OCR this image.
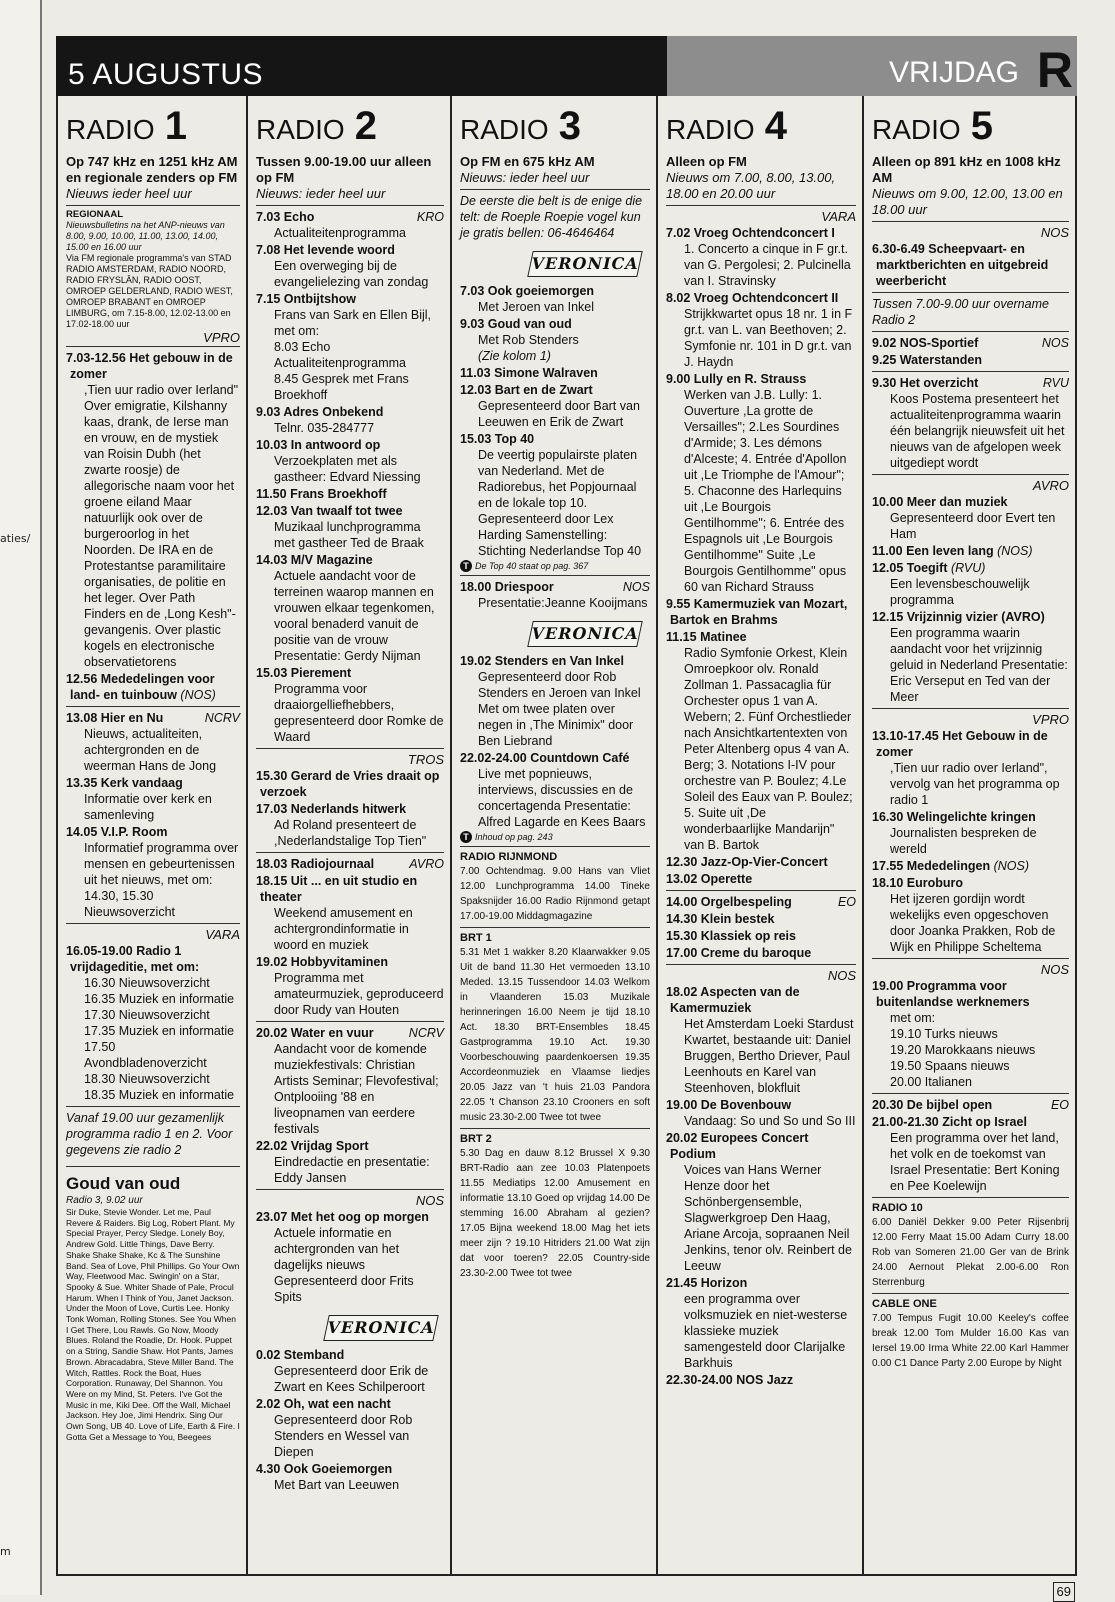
aties/
m
5 AUGUSTUS	VRIJDAG R
RADIO 1
Op 747 kHz en 1251 kHz AM en regionale zenders op FM
Nieuws ieder heel uur
REGIONAAL
Nieuwsbulletins na het ANP-nieuws van 8.00, 9.00, 10.00, 11.00, 13.00, 14.00, 15.00 en 16.00 uur
Via FM regionale programma's van STAD RADIO AMSTERDAM, RADIO NOORD, RADIO FRYSLÂN, RADIO OOST, OMROEP GELDERLAND, RADIO WEST, OMROEP BRABANT en OMROEP LIMBURG, om 7.15-8.00, 12.02-13.00 en 17.02-18.00 uur
VPRO
7.03-12.56 Het gebouw in de zomer
,Tien uur radio over Ierland" Over emigratie, Kilshanny kaas, drank, de Ierse man en vrouw, en de mystiek van Roisin Dubh (het zwarte roosje) de allegorische naam voor het groene eiland Maar natuurlijk ook over de burgeroorlog in het Noorden. De IRA en de Protestantse paramilitaire organisaties, de politie en het leger. Over Path Finders en de ,Long Kesh"-gevangenis. Over plastic kogels en electronische observatietorens
12.56 Mededelingen voor land- en tuinbouw (NOS)
NCRV
13.08 Hier en Nu
Nieuws, actualiteiten, achtergronden en de weerman Hans de Jong
13.35 Kerk vandaag
Informatie over kerk en samenleving
14.05 V.I.P. Room
Informatief programma over mensen en gebeurtenissen uit het nieuws, met om:
14.30, 15.30 Nieuwsoverzicht
VARA
16.05-19.00 Radio 1 vrijdageditie, met om:
16.30 Nieuwsoverzicht
16.35 Muziek en informatie
17.30 Nieuwsoverzicht
17.35 Muziek en informatie
17.50 Avondbladenoverzicht
18.30 Nieuwsoverzicht
18.35 Muziek en informatie
Vanaf 19.00 uur gezamenlijk programma radio 1 en 2. Voor gegevens zie radio 2
Goud van oud
Radio 3, 9.02 uur
Sir Duke, Stevie Wonder. Let me, Paul Revere & Raiders. Big Log, Robert Plant. My Special Prayer, Percy Sledge. Lonely Boy, Andrew Gold. Little Things, Dave Berry. Shake Shake Shake, Kc & The Sunshine Band. Sea of Love, Phil Phillips. Go Your Own Way, Fleetwood Mac. Swingin' on a Star, Spooky & Sue. Whiter Shade of Pale, Procul Harum. When I Think of You, Janet Jackson. Under the Moon of Love, Curtis Lee. Honky Tonk Woman, Rolling Stones. See You When I Get There, Lou Rawls. Go Now, Moody Blues. Roland the Roadie, Dr. Hook. Puppet on a String, Sandie Shaw. Hot Pants, James Brown. Abracadabra, Steve Miller Band. The Witch, Rattles. Rock the Boat, Hues Corporation. Runaway, Del Shannon. You Were on my Mind, St. Peters. I've Got the Music in me, Kiki Dee. Off the Wall, Michael Jackson. Hey Joe, Jimi Hendrix. Sing Our Own Song, UB 40. Love of Life, Earth & Fire. I Gotta Get a Message to You, Beegees
RADIO 2
Tussen 9.00-19.00 uur alleen op FM
Nieuws: ieder heel uur
KRO
7.03 Echo
Actualiteitenprogramma
7.08 Het levende woord
Een overweging bij de evangelielezing van zondag
7.15 Ontbijtshow
Frans van Sark en Ellen Bijl, met om:
8.03 Echo
Actualiteitenprogramma
8.45 Gesprek met Frans Broekhoff
9.03 Adres Onbekend
Telnr. 035-284777
10.03 In antwoord op
Verzoekplaten met als gastheer: Edvard Niessing
11.50 Frans Broekhoff
12.03 Van twaalf tot twee
Muzikaal lunchprogramma met gastheer Ted de Braak
14.03 M/V Magazine
Actuele aandacht voor de terreinen waarop mannen en vrouwen elkaar tegenkomen, vooral benaderd vanuit de positie van de vrouw Presentatie: Gerdy Nijman
15.03 Pierement
Programma voor draaiorgelliefhebbers, gepresenteerd door Romke de Waard
TROS
15.30 Gerard de Vries draait op verzoek
17.03 Nederlands hitwerk
Ad Roland presenteert de ,Nederlandstalige Top Tien"
AVRO
18.03 Radiojournaal
18.15 Uit ... en uit studio en theater
Weekend amusement en achtergrondinformatie in woord en muziek
19.02 Hobbyvitaminen
Programma met amateurmuziek, geproduceerd door Rudy van Houten
NCRV
20.02 Water en vuur
Aandacht voor de komende muziekfestivals: Christian Artists Seminar; Flevofestival; Ontplooiing '88 en liveopnamen van eerdere festivals
22.02 Vrijdag Sport
Eindredactie en presentatie: Eddy Jansen
NOS
23.07 Met het oog op morgen
Actuele informatie en achtergronden van het dagelijks nieuws Gepresenteerd door Frits Spits
VERONICA
0.02 Stemband
Gepresenteerd door Erik de Zwart en Kees Schilperoort
2.02 Oh, wat een nacht
Gepresenteerd door Rob Stenders en Wessel van Diepen
4.30 Ook Goeiemorgen
Met Bart van Leeuwen
RADIO 3
Op FM en 675 kHz AM
Nieuws: ieder heel uur
De eerste die belt is de enige die telt: de Roeple Roepie vogel kun je gratis bellen: 06-4646464
VERONICA
7.03 Ook goeiemorgen
Met Jeroen van Inkel
9.03 Goud van oud
Met Rob Stenders
(Zie kolom 1)
11.03 Simone Walraven
12.03 Bart en de Zwart
Gepresenteerd door Bart van Leeuwen en Erik de Zwart
15.03 Top 40
De veertig populairste platen van Nederland. Met de Radiorebus, het Popjournaal en de lokale top 10. Gepresenteerd door Lex Harding Samenstelling: Stichting Nederlandse Top 40
T De Top 40 staat op pag. 367
NOS
18.00 Driespoor
Presentatie:Jeanne Kooijmans
VERONICA
19.02 Stenders en Van Inkel
Gepresenteerd door Rob Stenders en Jeroen van Inkel Met om twee platen over negen in ,The Minimix" door Ben Liebrand
22.02-24.00 Countdown Café
Live met popnieuws, interviews, discussies en de concertagenda Presentatie: Alfred Lagarde en Kees Baars
T Inhoud op pag. 243
RADIO RIJNMOND
7.00 Ochtendmag. 9.00 Hans van Vliet 12.00 Lunchprogramma 14.00 Tineke Spaksnijder 16.00 Radio Rijnmond getapt 17.00-19.00 Middagmagazine
BRT 1
5.31 Met 1 wakker 8.20 Klaarwakker 9.05 Uit de band 11.30 Het vermoeden 13.10 Meded. 13.15 Tussendoor 14.03 Welkom in Vlaanderen 15.03 Muzikale herinneringen 16.00 Neem je tijd 18.10 Act. 18.30 BRT-Ensembles 18.45 Gastprogramma 19.10 Act. 19.30 Voorbeschouwing paardenkoersen 19.35 Accordeonmuziek en Vlaamse liedjes 20.05 Jazz van 't huis 21.03 Pandora 22.05 't Chanson 23.10 Crooners en soft music 23.30-2.00 Twee tot twee
BRT 2
5.30 Dag en dauw 8.12 Brussel X 9.30 BRT-Radio aan zee 10.03 Platenpoets 11.55 Mediatips 12.00 Amusement en informatie 13.10 Goed op vrijdag 14.00 De stemming 16.00 Abraham al gezien? 17.05 Bijna weekend 18.00 Mag het iets meer zijn ? 19.10 Hitriders 21.00 Wat zijn dat voor toeren? 22.05 Country-side 23.30-2.00 Twee tot twee
RADIO 4
Alleen op FM
Nieuws om 7.00, 8.00, 13.00, 18.00 en 20.00 uur
VARA
7.02 Vroeg Ochtendconcert I
1. Concerto a cinque in F gr.t. van G. Pergolesi; 2. Pulcinella van I. Stravinsky
8.02 Vroeg Ochtendconcert II
Strijkkwartet opus 18 nr. 1 in F gr.t. van L. van Beethoven; 2. Symfonie nr. 101 in D gr.t. van J. Haydn
9.00 Lully en R. Strauss
Werken van J.B. Lully: 1. Ouverture ,La grotte de Versailles"; 2.Les Sourdines d'Armide; 3. Les démons d'Alceste; 4. Entrée d'Apollon uit ,Le Triomphe de l'Amour"; 5. Chaconne des Harlequins uit ,Le Bourgois Gentilhomme"; 6. Entrée des Espagnols uit ,Le Bourgois Gentilhomme" Suite ,Le Bourgois Gentilhomme" opus 60 van Richard Strauss
9.55 Kamermuziek van Mozart, Bartok en Brahms
11.15 Matinee
Radio Symfonie Orkest, Klein Omroepkoor olv. Ronald Zollman 1. Passacaglia für Orchester opus 1 van A. Webern; 2. Fünf Orchestlieder nach Ansichtkartentexten von Peter Altenberg opus 4 van A. Berg; 3. Notations I-IV pour orchestre van P. Boulez; 4.Le Soleil des Eaux van P. Boulez; 5. Suite uit ,De wonderbaarlijke Mandarijn" van B. Bartok
12.30 Jazz-Op-Vier-Concert
13.02 Operette
EO
14.00 Orgelbespeling
14.30 Klein bestek
15.30 Klassiek op reis
17.00 Creme du baroque
NOS
18.02 Aspecten van de Kamermuziek
Het Amsterdam Loeki Stardust Kwartet, bestaande uit: Daniel Bruggen, Bertho Driever, Paul Leenhouts en Karel van Steenhoven, blokfluit
19.00 De Bovenbouw
Vandaag: So und So und So III
20.02 Europees Concert Podium
Voices van Hans Werner Henze door het Schönbergensemble, Slagwerkgroep Den Haag, Ariane Arcoja, sopraanen Neil Jenkins, tenor olv. Reinbert de Leeuw
21.45 Horizon
een programma over volksmuziek en niet-westerse klassieke muziek samengesteld door Clarijalke Barkhuis
22.30-24.00 NOS Jazz
RADIO 5
Alleen op 891 kHz en 1008 kHz AM
Nieuws om 9.00, 12.00, 13.00 en 18.00 uur
NOS
6.30-6.49 Scheepvaart- en marktberichten en uitgebreid weerbericht
Tussen 7.00-9.00 uur overname Radio 2
NOS
9.02 NOS-Sportief
9.25 Waterstanden
RVU
9.30 Het overzicht
Koos Postema presenteert het actualiteitenprogramma waarin één belangrijk nieuwsfeit uit het nieuws van de afgelopen week uitgediept wordt
AVRO
10.00 Meer dan muziek
Gepresenteerd door Evert ten Ham
11.00 Een leven lang (NOS)
12.05 Toegift (RVU)
Een levensbeschouwelijk programma
12.15 Vrijzinnig vizier (AVRO)
Een programma waarin aandacht voor het vrijzinnig geluid in Nederland Presentatie: Eric Verseput en Ted van der Meer
VPRO
13.10-17.45 Het Gebouw in de zomer
,Tien uur radio over Ierland", vervolg van het programma op radio 1
16.30 Welingelichte kringen
Journalisten bespreken de wereld
17.55 Mededelingen (NOS)
18.10 Euroburo
Het ijzeren gordijn wordt wekelijks even opgeschoven door Joanka Prakken, Rob de Wijk en Philippe Scheltema
NOS
19.00 Programma voor buitenlandse werknemers
met om:
19.10 Turks nieuws
19.20 Marokkaans nieuws
19.50 Spaans nieuws
20.00 Italianen
EO
20.30 De bijbel open
21.00-21.30 Zicht op Israel
Een programma over het land, het volk en de toekomst van Israel Presentatie: Bert Koning en Pee Koelewijn
RADIO 10
6.00 Daniël Dekker 9.00 Peter Rijsenbrij 12.00 Ferry Maat 15.00 Adam Curry 18.00 Rob van Someren 21.00 Ger van de Brink 24.00 Aernout Plekat 2.00-6.00 Ron Sterrenburg
CABLE ONE
7.00 Tempus Fugit 10.00 Keeley's coffee break 12.00 Tom Mulder 16.00 Kas van Iersel 19.00 Irma White 22.00 Karl Hammer 0.00 C1 Dance Party 2.00 Europe by Night
69
